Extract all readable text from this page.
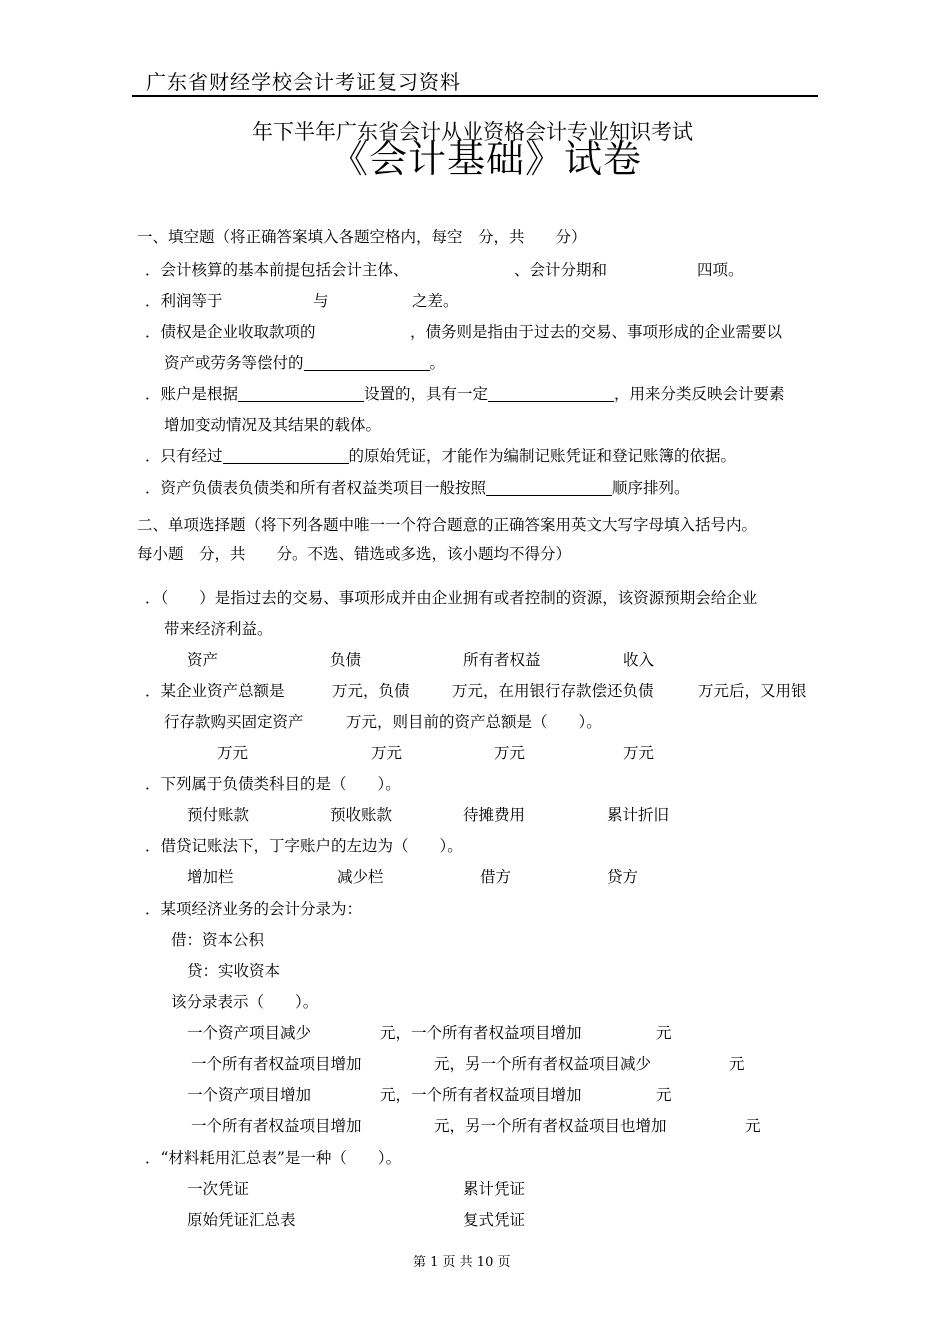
广东省财经学校会计考证复习资料
年下半年广东省会计从业资格会计专业知识考试
《会计基础》试卷
一、填空题（将正确答案填入各题空格内，每空　分，共　　分）
．会计核算的基本前提包括会计主体、	、会计分期和	四项。
．利润等于	与	之差。
．债权是企业收取款项的	，债务则是指由于过去的交易、事项形成的企业需要以
资产或劳务等偿付的	。
．账户是根据	设置的，具有一定	，用来分类反映会计要素
增加变动情况及其结果的载体。
．只有经过	的原始凭证，才能作为编制记账凭证和登记账簿的依据。
．资产负债表负债类和所有者权益类项目一般按照	顺序排列。
二、单项选择题（将下列各题中唯一一个符合题意的正确答案用英文大写字母填入括号内。
每小题　分，共　　分。不选、错选或多选，该小题均不得分）
．（　　）是指过去的交易、事项形成并由企业拥有或者控制的资源，该资源预期会给企业
带来经济利益。
资产	负债	所有者权益	收入
．某企业资产总额是	万元，负债	万元，在用银行存款偿还负债	万元后，又用银
行存款购买固定资产	万元，则目前的资产总额是（　　）。
万元	万元	万元	万元
．下列属于负债类科目的是（　　）。
预付账款	预收账款	待摊费用	累计折旧
．借贷记账法下，丁字账户的左边为（　　）。
增加栏	减少栏	借方	贷方
．某项经济业务的会计分录为：
借：资本公积
贷：实收资本
该分录表示（　　）。
一个资产项目减少	元，一个所有者权益项目增加	元
一个所有者权益项目增加	元，另一个所有者权益项目减少	元
一个资产项目增加	元，一个所有者权益项目增加	元
一个所有者权益项目增加	元，另一个所有者权益项目也增加	元
．“材料耗用汇总表”是一种（　　）。
一次凭证	累计凭证
原始凭证汇总表	复式凭证
第 1 页 共 10 页
